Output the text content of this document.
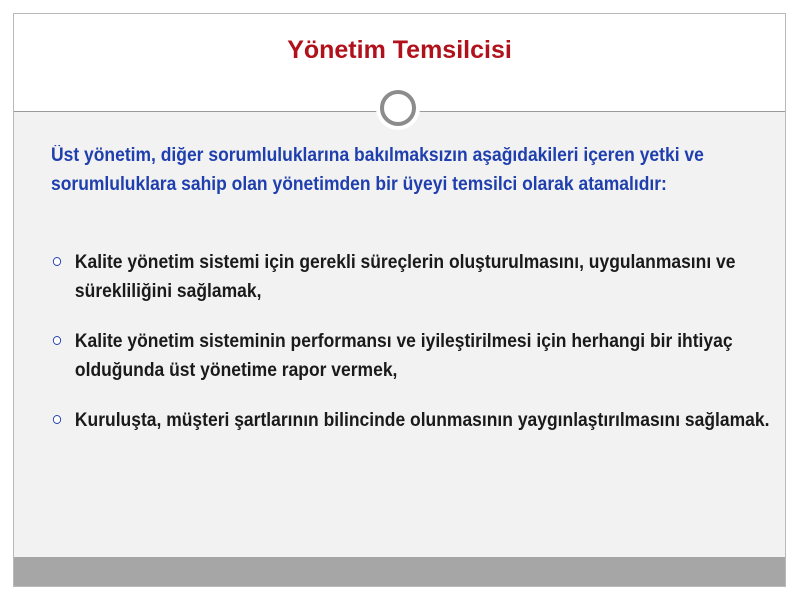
Yönetim Temsilcisi

Üst yönetim, diğer sorumluluklarına bakılmaksızın aşağıdakileri içeren yetki ve sorumluluklara sahip olan yönetimden bir üyeyi temsilci olarak atamalıdır:

Kalite yönetim sistemi için gerekli süreçlerin oluşturulmasını, uygulanmasını ve sürekliliğini sağlamak,
Kalite yönetim sisteminin performansı ve iyileştirilmesi için herhangi bir ihtiyaç olduğunda üst yönetime rapor vermek,
Kuruluşta, müşteri şartlarının bilincinde olunmasının yaygınlaştırılmasını sağlamak.
